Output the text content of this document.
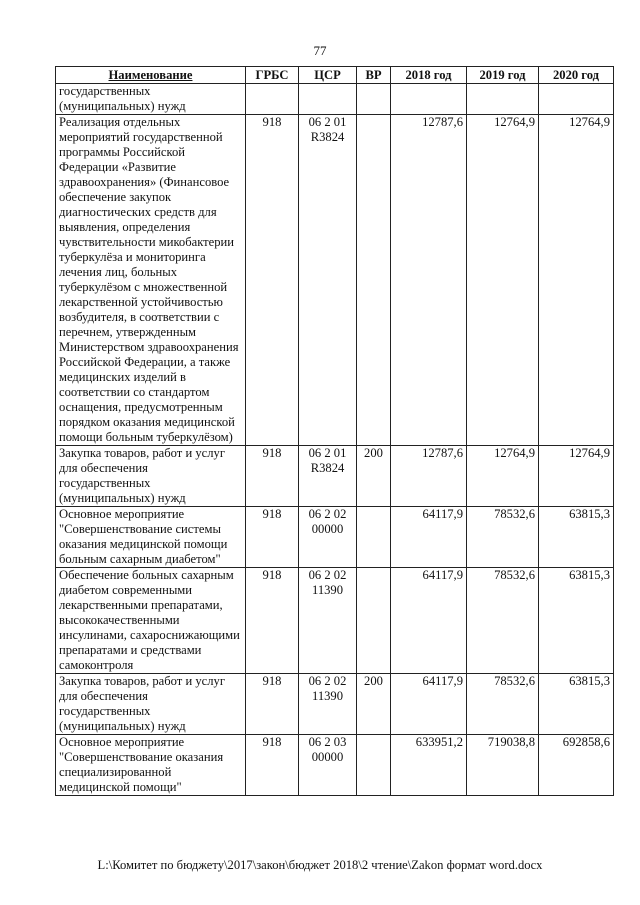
77
Наименование	ГРБС	ЦСР	ВР	2018 год	2019 год	2020 год
государственных (муниципальных) нужд						
Реализация отдельных мероприятий государственной программы Российской Федерации «Развитие здравоохранения» (Финансовое обеспечение закупок диагностических средств для выявления, определения чувствительности микобактерии туберкулёза и мониторинга лечения лиц, больных туберкулёзом с множественной лекарственной устойчивостью возбудителя, в соответствии с перечнем, утвержденным Министерством здравоохранения Российской Федерации, а также медицинских изделий в соответствии со стандартом оснащения, предусмотренным порядком оказания медицинской помощи больным туберкулёзом)	918	06 2 01 R3824		12787,6	12764,9	12764,9
Закупка товаров, работ и услуг для обеспечения государственных (муниципальных) нужд	918	06 2 01 R3824	200	12787,6	12764,9	12764,9
Основное мероприятие "Совершенствование системы оказания медицинской помощи больным сахарным диабетом"	918	06 2 02 00000		64117,9	78532,6	63815,3
Обеспечение больных сахарным диабетом современными лекарственными препаратами, высококачественными инсулинами, сахароснижающими препаратами и средствами самоконтроля	918	06 2 02 11390		64117,9	78532,6	63815,3
Закупка товаров, работ и услуг для обеспечения государственных (муниципальных) нужд	918	06 2 02 11390	200	64117,9	78532,6	63815,3
Основное мероприятие "Совершенствование оказания специализированной медицинской помощи"	918	06 2 03 00000		633951,2	719038,8	692858,6
L:\Комитет по бюджету\2017\закон\бюджет 2018\2 чтение\Zakon формат word.docx
